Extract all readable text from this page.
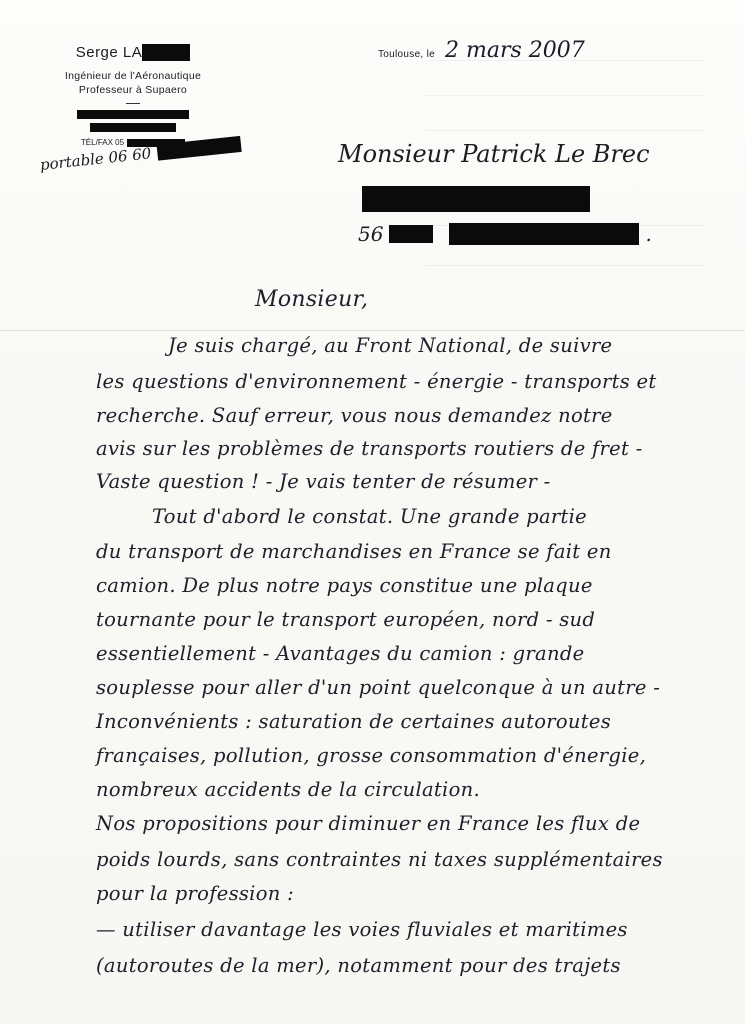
Serge LA
Ingénieur de l'Aéronautique
Professeur à Supaero
TÉL/FAX 05
portable 06 60
Toulouse, le 2 mars 2007
Monsieur Patrick Le Brec
56	.
Monsieur,
Je suis chargé, au Front National, de suivre
les questions d'environnement - énergie - transports et
recherche. Sauf erreur, vous nous demandez notre
avis sur les problèmes de transports routiers de fret -
Vaste question ! - Je vais tenter de résumer -
Tout d'abord le constat. Une grande partie
du transport de marchandises en France se fait en
camion. De plus notre pays constitue une plaque
tournante pour le transport européen, nord - sud
essentiellement - Avantages du camion : grande
souplesse pour aller d'un point quelconque à un autre -
Inconvénients : saturation de certaines autoroutes
françaises, pollution, grosse consommation d'énergie,
nombreux accidents de la circulation.
Nos propositions pour diminuer en France les flux de
poids lourds, sans contraintes ni taxes supplémentaires
pour la profession :
— utiliser davantage les voies fluviales et maritimes
(autoroutes de la mer), notamment pour des trajets
